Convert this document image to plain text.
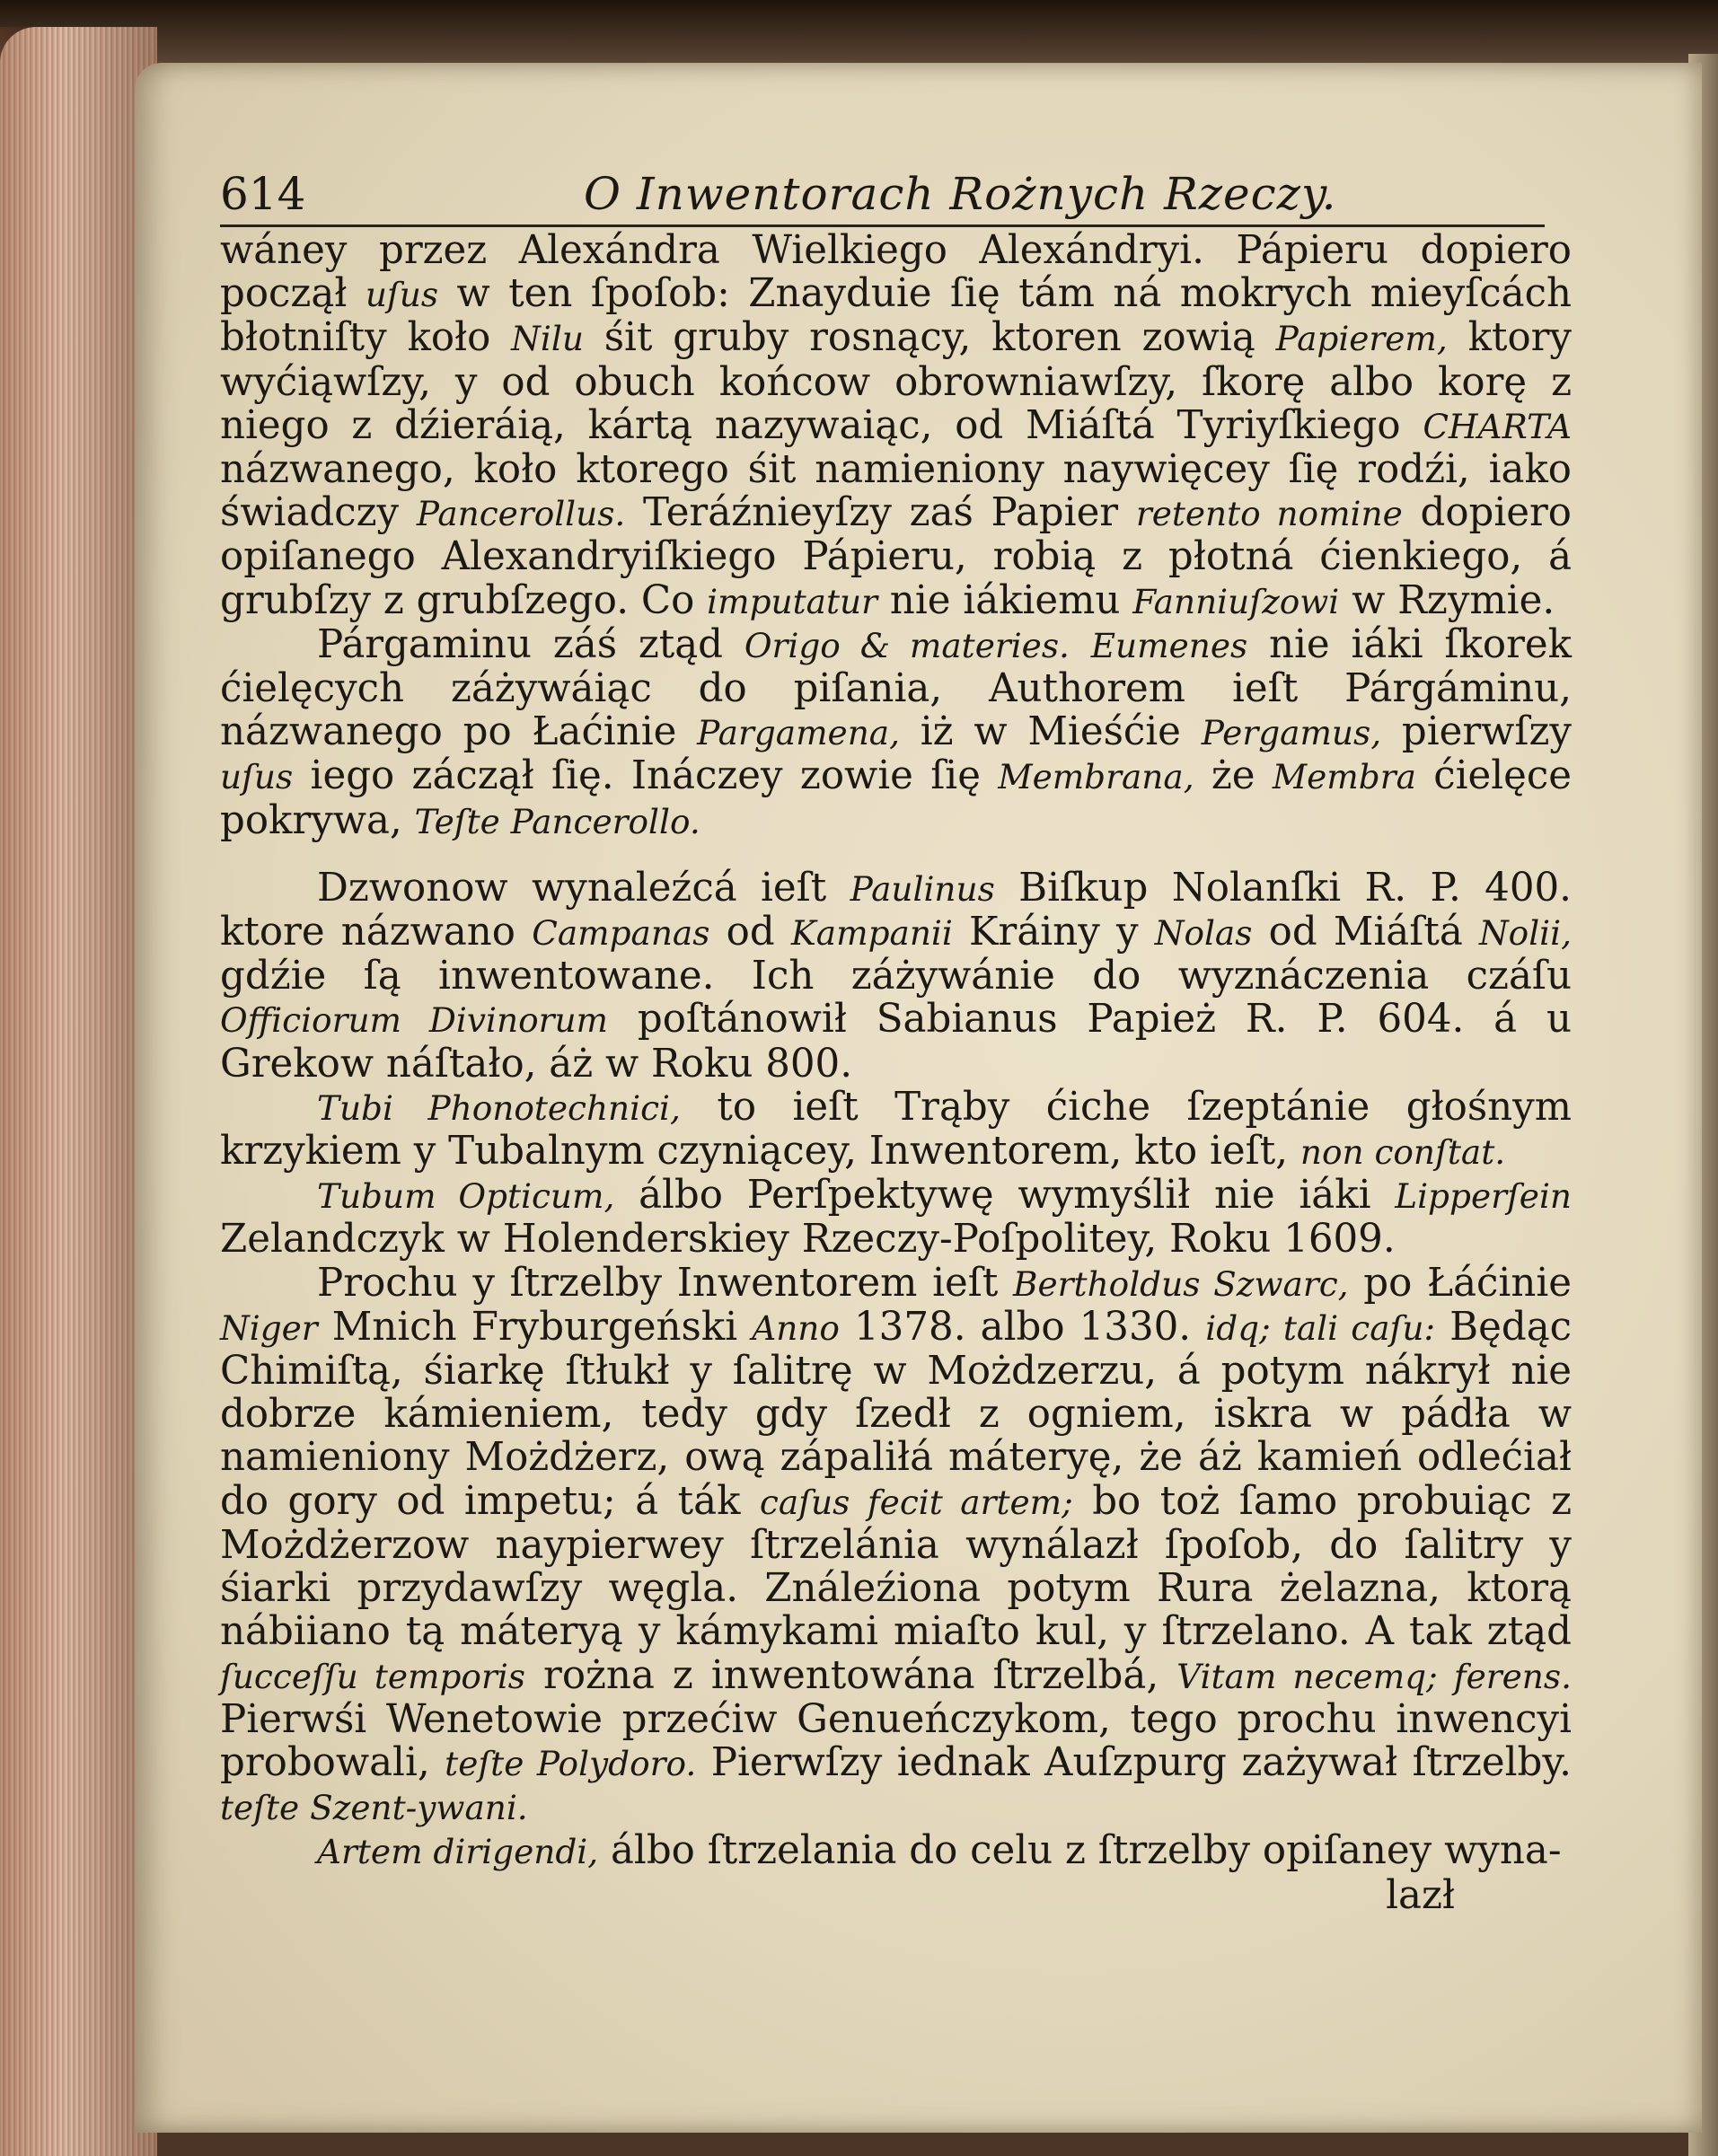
614	O Inwentorach Rożnych Rzeczy.

wáney przez Alexándra Wielkiego Alexándryi. Pápieru dopiero począł uſus w ten ſpoſob: Znayduie ſię tám ná mokrych mieyſcách błotniſty koło Nilu śit gruby rosnący, ktoren zowią Papierem, ktory wyćiąwſzy, y od obuch końcow obrowniawſzy, ſkorę albo korę z niego z dźieráią, kártą nazywaiąc, od Miáſtá Tyriyſkiego CHARTA názwanego, koło ktorego śit namieniony naywięcey ſię rodźi, iako świadczy Pancerollus. Teráźnieyſzy zaś Papier retento nomine dopiero opiſanego Alexandryiſkiego Pápieru, robią z płotná ćienkiego, á grubſzy z grubſzego. Co imputatur nie iákiemu Fanniuſzowi w Rzymie.

Párgaminu záś ztąd Origo & materies. Eumenes nie iáki ſkorek ćielęcych záżywáiąc do piſania, Authorem ieſt Párgáminu, názwanego po Łaćinie Pargamena, iż w Mieśćie Pergamus, pierwſzy uſus iego záczął ſię. Ináczey zowie ſię Membrana, że Membra ćielęce pokrywa, Teſte Pancerollo.

Dzwonow wynaleźcá ieſt Paulinus Biſkup Nolanſki R. P. 400. ktore názwano Campanas od Kampanii Kráiny y Nolas od Miáſtá Nolii, gdźie ſą inwentowane. Ich záżywánie do wyznáczenia czáſu Officiorum Divinorum poſtánowił Sabianus Papież R. P. 604. á u Grekow náſtało, áż w Roku 800.

Tubi Phonotechnici, to ieſt Trąby ćiche ſzeptánie głośnym krzykiem y Tubalnym czyniącey, Inwentorem, kto ieſt, non conſtat.

Tubum Opticum, álbo Perſpektywę wymyślił nie iáki Lipperſein Zelandczyk w Holenderskiey Rzeczy-Poſpolitey, Roku 1609.

Prochu y ſtrzelby Inwentorem ieſt Bertholdus Szwarc, po Łáćinie Niger Mnich Fryburgeński Anno 1378. albo 1330. idq; tali caſu: Będąc Chimiſtą, śiarkę ſtłukł y ſalitrę w Możdzerzu, á potym nákrył nie dobrze kámieniem, tedy gdy ſzedł z ogniem, iskra w pádła w namieniony Możdżerz, ową zápaliłá máteryę, że áż kamień odlećiał do gory od impetu; á ták caſus fecit artem; bo toż ſamo probuiąc z Możdżerzow naypierwey ſtrzelánia wynálazł ſpoſob, do ſalitry y śiarki przydawſzy węgla. Ználeźiona potym Rura żelazna, ktorą nábiiano tą máteryą y kámykami miaſto kul, y ſtrzelano. A tak ztąd ſucceſſu temporis rożna z inwentowána ſtrzelbá, Vitam necemq; ferens. Pierwśi Wenetowie przećiw Genueńczykom, tego prochu inwencyi probowali, teſte Polydoro. Pierwſzy iednak Auſzpurg zażywał ſtrzelby. teſte Szent-ywani.

Artem dirigendi, álbo ſtrzelania do celu z ſtrzelby opiſaney wyna-

lazł
